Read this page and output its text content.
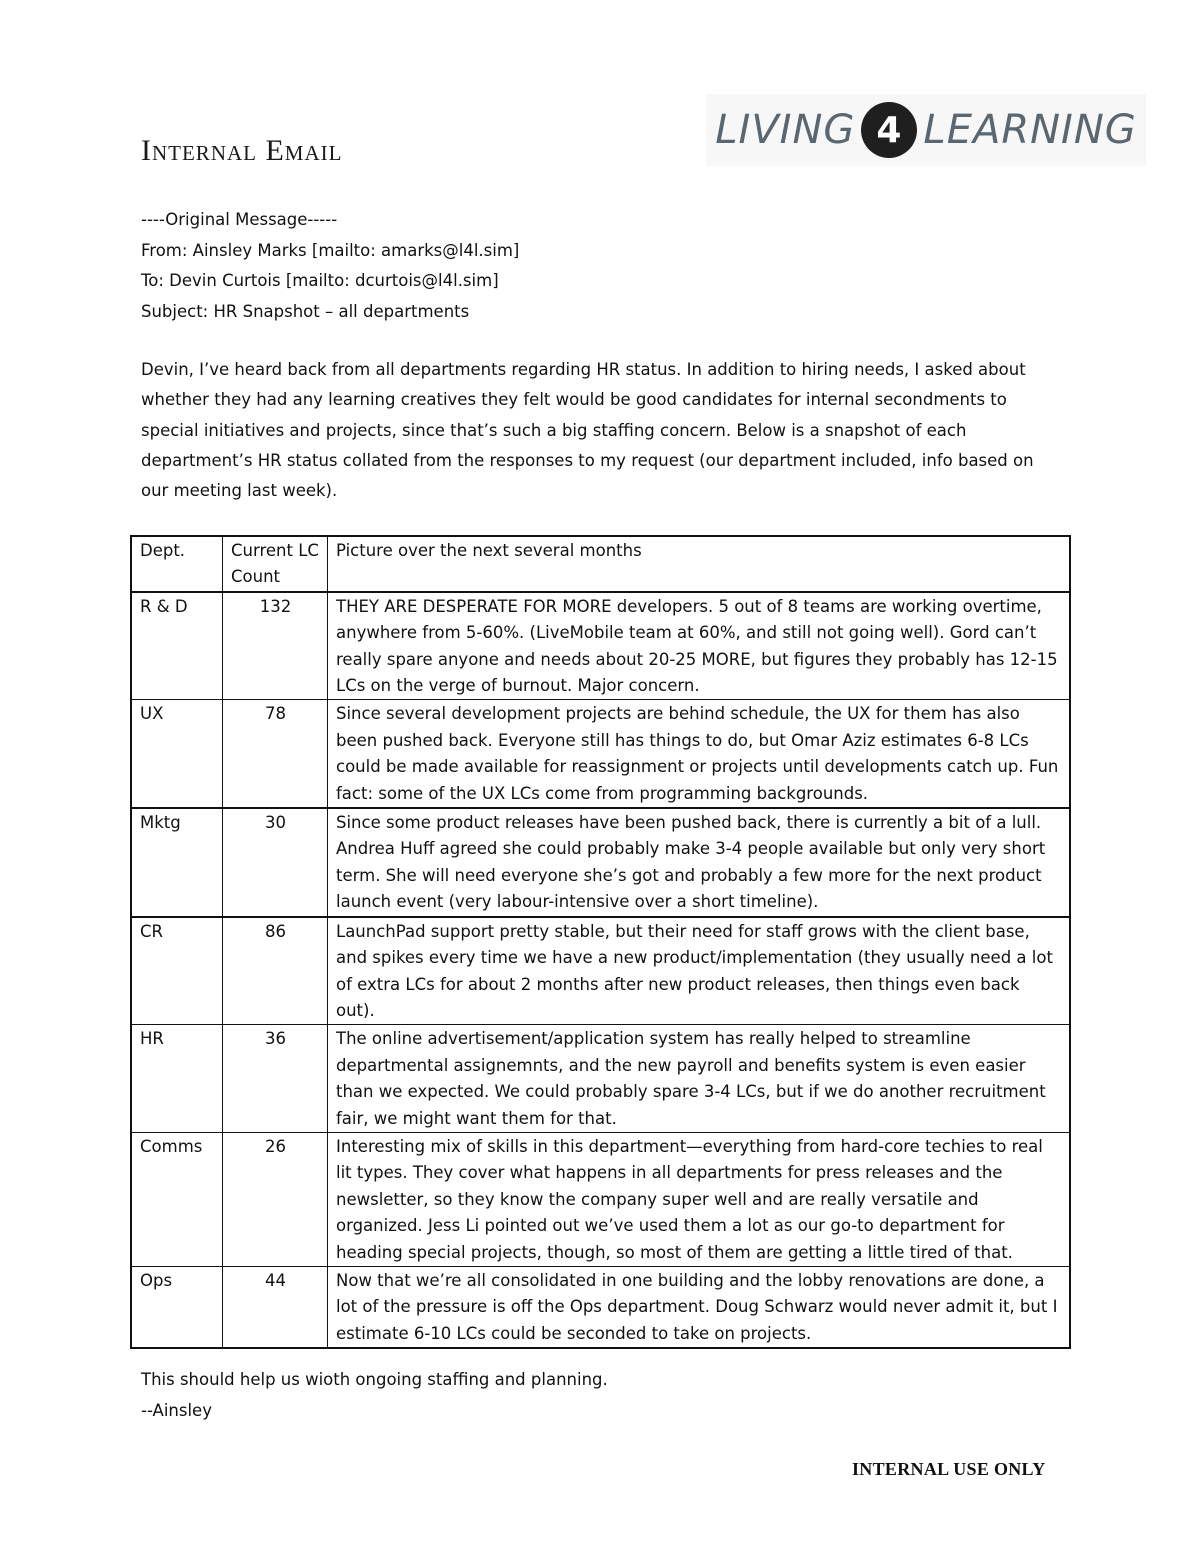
Internal Email	LIVING 4 LEARNING
----Original Message-----
From: Ainsley Marks [mailto: amarks@l4l.sim]
To: Devin Curtois [mailto: dcurtois@l4l.sim]
Subject: HR Snapshot – all departments

Devin, I’ve heard back from all departments regarding HR status. In addition to hiring needs, I asked about whether they had any learning creatives they felt would be good candidates for internal secondments to special initiatives and projects, since that’s such a big staffing concern. Below is a snapshot of each department’s HR status collated from the responses to my request (our department included, info based on our meeting last week).

Dept.	Current LC Count	Picture over the next several months
R & D	132	THEY ARE DESPERATE FOR MORE developers. 5 out of 8 teams are working overtime, anywhere from 5-60%. (LiveMobile team at 60%, and still not going well). Gord can’t really spare anyone and needs about 20-25 MORE, but figures they probably has 12-15 LCs on the verge of burnout. Major concern.
UX	78	Since several development projects are behind schedule, the UX for them has also been pushed back. Everyone still has things to do, but Omar Aziz estimates 6-8 LCs could be made available for reassignment or projects until developments catch up. Fun fact: some of the UX LCs come from programming backgrounds.
Mktg	30	Since some product releases have been pushed back, there is currently a bit of a lull. Andrea Huff agreed she could probably make 3-4 people available but only very short term. She will need everyone she’s got and probably a few more for the next product launch event (very labour-intensive over a short timeline).
CR	86	LaunchPad support pretty stable, but their need for staff grows with the client base, and spikes every time we have a new product/implementation (they usually need a lot of extra LCs for about 2 months after new product releases, then things even back out).
HR	36	The online advertisement/application system has really helped to streamline departmental assignemnts, and the new payroll and benefits system is even easier than we expected. We could probably spare 3-4 LCs, but if we do another recruitment fair, we might want them for that.
Comms	26	Interesting mix of skills in this department—everything from hard-core techies to real lit types. They cover what happens in all departments for press releases and the newsletter, so they know the company super well and are really versatile and organized. Jess Li pointed out we’ve used them a lot as our go-to department for heading special projects, though, so most of them are getting a little tired of that.
Ops	44	Now that we’re all consolidated in one building and the lobby renovations are done, a lot of the pressure is off the Ops department. Doug Schwarz would never admit it, but I estimate 6-10 LCs could be seconded to take on projects.
This should help us wioth ongoing staffing and planning.
--Ainsley
INTERNAL USE ONLY
